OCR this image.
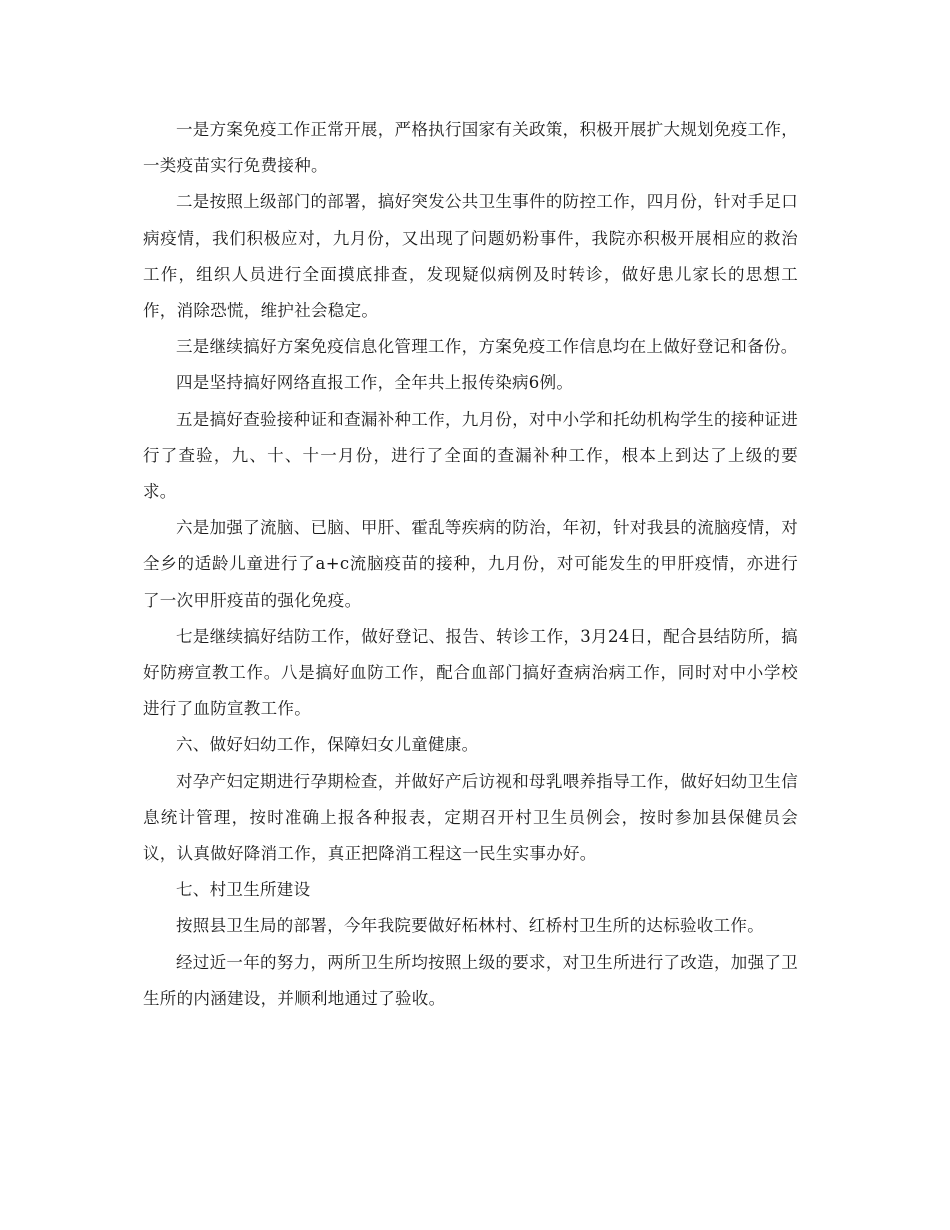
一是方案免疫工作正常开展，严格执行国家有关政策，积极开展扩大规划免疫工作，一类疫苗实行免费接种。

二是按照上级部门的部署，搞好突发公共卫生事件的防控工作，四月份，针对手足口病疫情，我们积极应对，九月份，又出现了问题奶粉事件，我院亦积极开展相应的救治工作，组织人员进行全面摸底排查，发现疑似病例及时转诊，做好患儿家长的思想工作，消除恐慌，维护社会稳定。

三是继续搞好方案免疫信息化管理工作，方案免疫工作信息均在上做好登记和备份。

四是坚持搞好网络直报工作，全年共上报传染病6例。

五是搞好查验接种证和查漏补种工作，九月份，对中小学和托幼机构学生的接种证进行了查验，九、十、十一月份，进行了全面的查漏补种工作，根本上到达了上级的要求。

六是加强了流脑、已脑、甲肝、霍乱等疾病的防治，年初，针对我县的流脑疫情，对全乡的适龄儿童进行了a+c流脑疫苗的接种，九月份，对可能发生的甲肝疫情，亦进行了一次甲肝疫苗的强化免疫。

七是继续搞好结防工作，做好登记、报告、转诊工作，3月24日，配合县结防所，搞好防痨宣教工作。八是搞好血防工作，配合血部门搞好查病治病工作，同时对中小学校进行了血防宣教工作。

六、做好妇幼工作，保障妇女儿童健康。

对孕产妇定期进行孕期检查，并做好产后访视和母乳喂养指导工作，做好妇幼卫生信息统计管理，按时准确上报各种报表，定期召开村卫生员例会，按时参加县保健员会议，认真做好降消工作，真正把降消工程这一民生实事办好。

七、村卫生所建设

按照县卫生局的部署，今年我院要做好柘林村、红桥村卫生所的达标验收工作。

经过近一年的努力，两所卫生所均按照上级的要求，对卫生所进行了改造，加强了卫生所的内涵建设，并顺利地通过了验收。
